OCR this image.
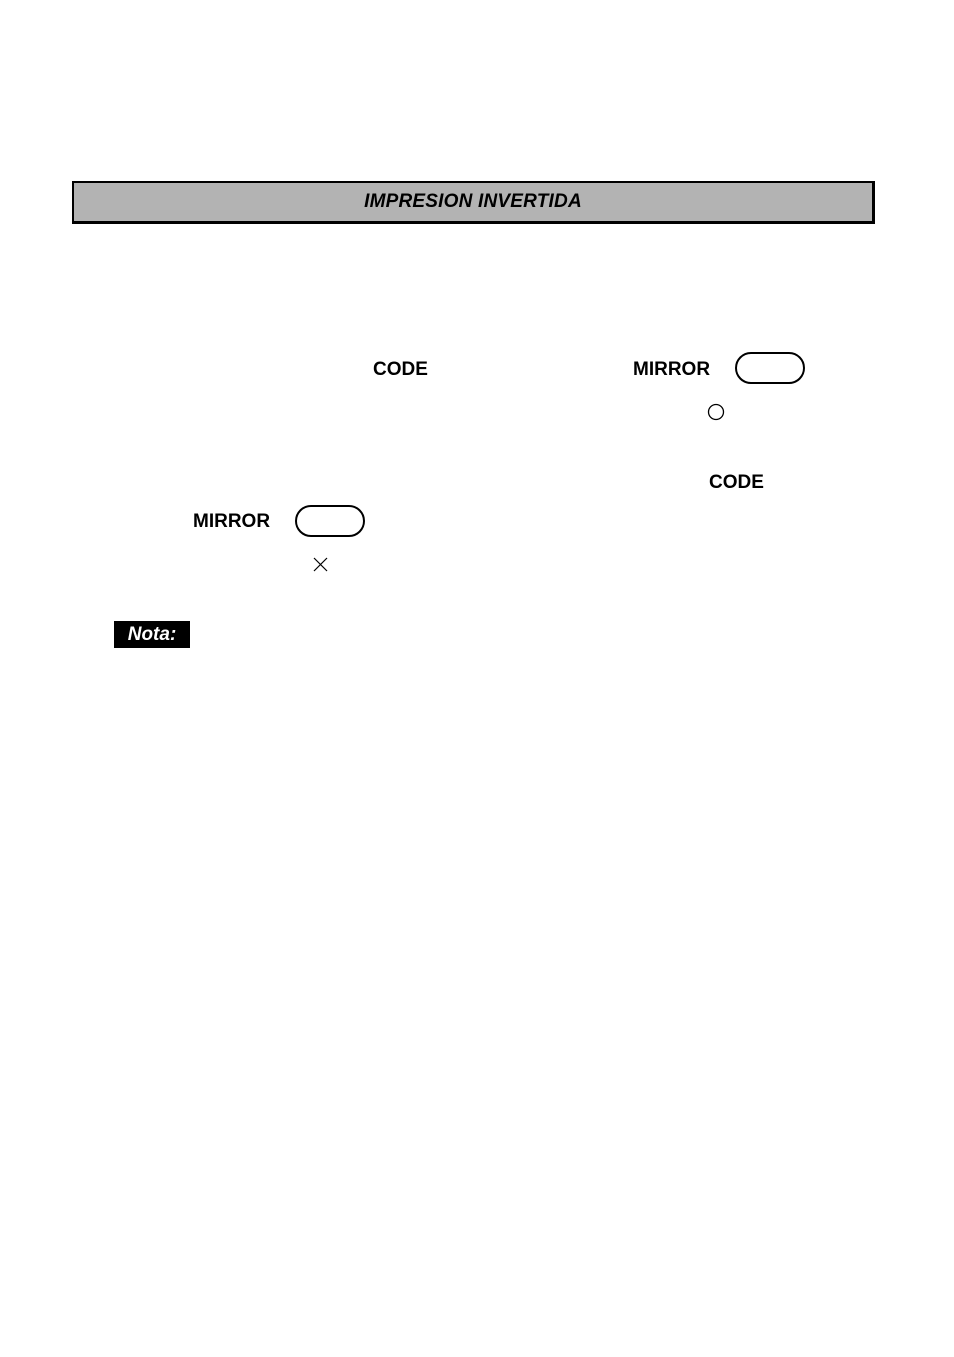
IMPRESION INVERTIDA
CODE	MIRROR
CODE
MIRROR
Nota:
